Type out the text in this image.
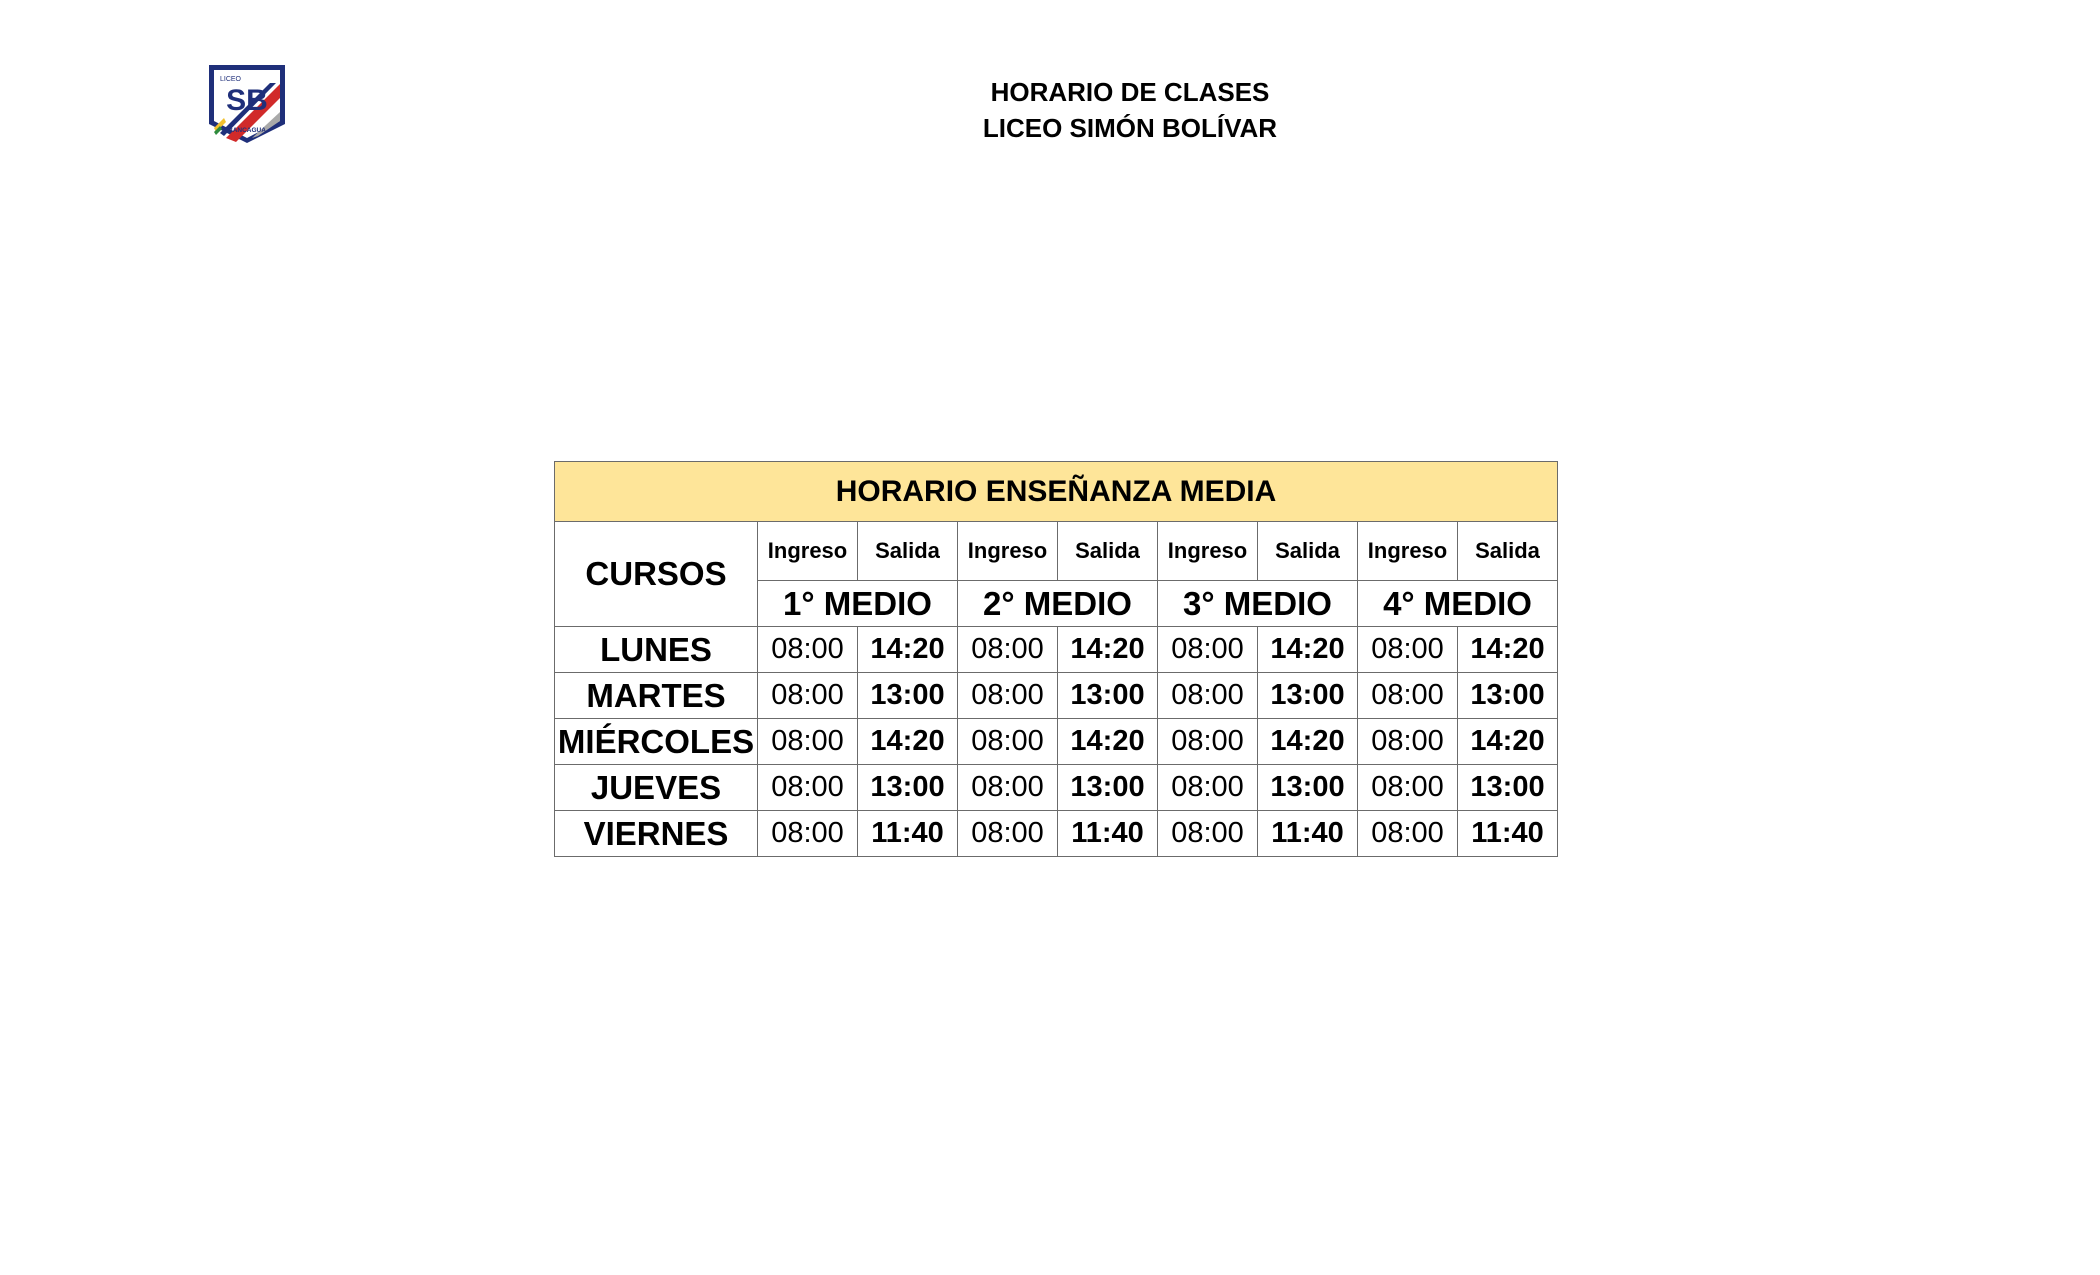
LICEO
SB
RANCAGUA
HORARIO DE CLASES
LICEO SIMÓN BOLÍVAR
HORARIO ENSEÑANZA MEDIA								
CURSOS	Ingreso	Salida	Ingreso	Salida	Ingreso	Salida	Ingreso	Salida
	1° MEDIO		2° MEDIO		3° MEDIO		4° MEDIO	
LUNES	08:00	14:20	08:00	14:20	08:00	14:20	08:00	14:20
MARTES	08:00	13:00	08:00	13:00	08:00	13:00	08:00	13:00
MIÉRCOLES	08:00	14:20	08:00	14:20	08:00	14:20	08:00	14:20
JUEVES	08:00	13:00	08:00	13:00	08:00	13:00	08:00	13:00
VIERNES	08:00	11:40	08:00	11:40	08:00	11:40	08:00	11:40
